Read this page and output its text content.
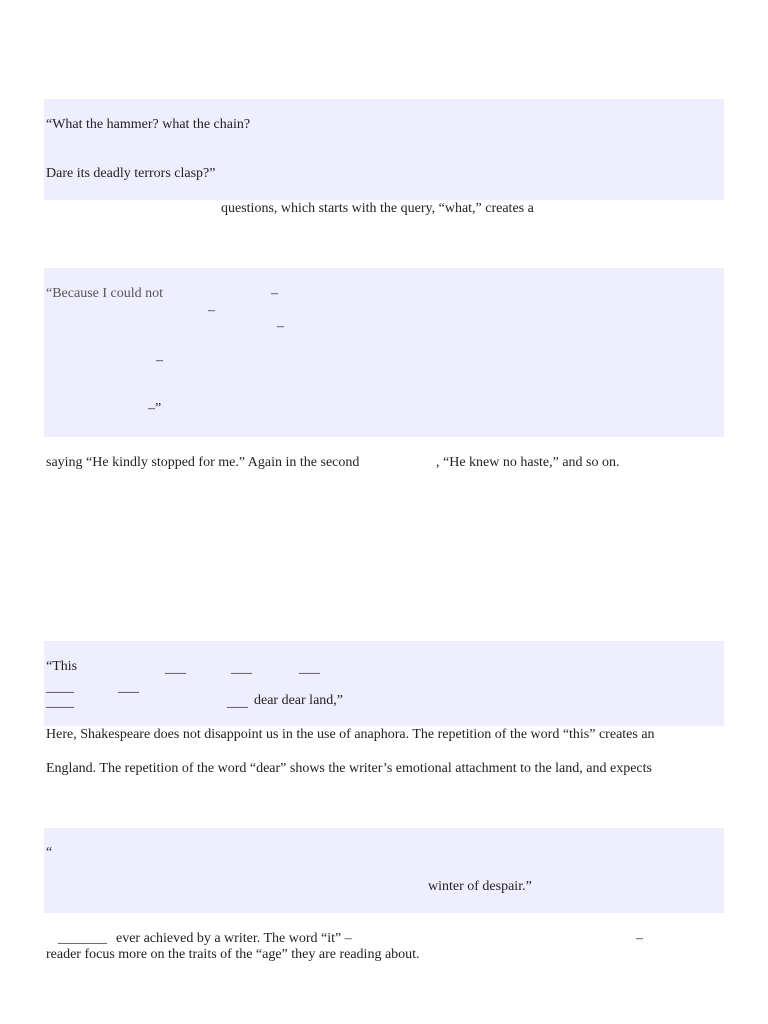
“What the hammer? what the chain?
Dare its deadly terrors clasp?”
questions, which starts with the query, “what,” creates a
“Because I could not	–
–
–
–
–”
saying “He kindly stopped for me.” Again in the second	, “He knew no haste,” and so on.
“This	___	___	___
____	___
____	___ dear dear land,”
Here, Shakespeare does not disappoint us in the use of anaphora. The repetition of the word “this” creates an
England. The repetition of the word “dear” shows the writer’s emotional attachment to the land, and expects
“
winter of despair.”
_______ ever achieved by a writer. The word “it” –	–
reader focus more on the traits of the “age” they are reading about.
